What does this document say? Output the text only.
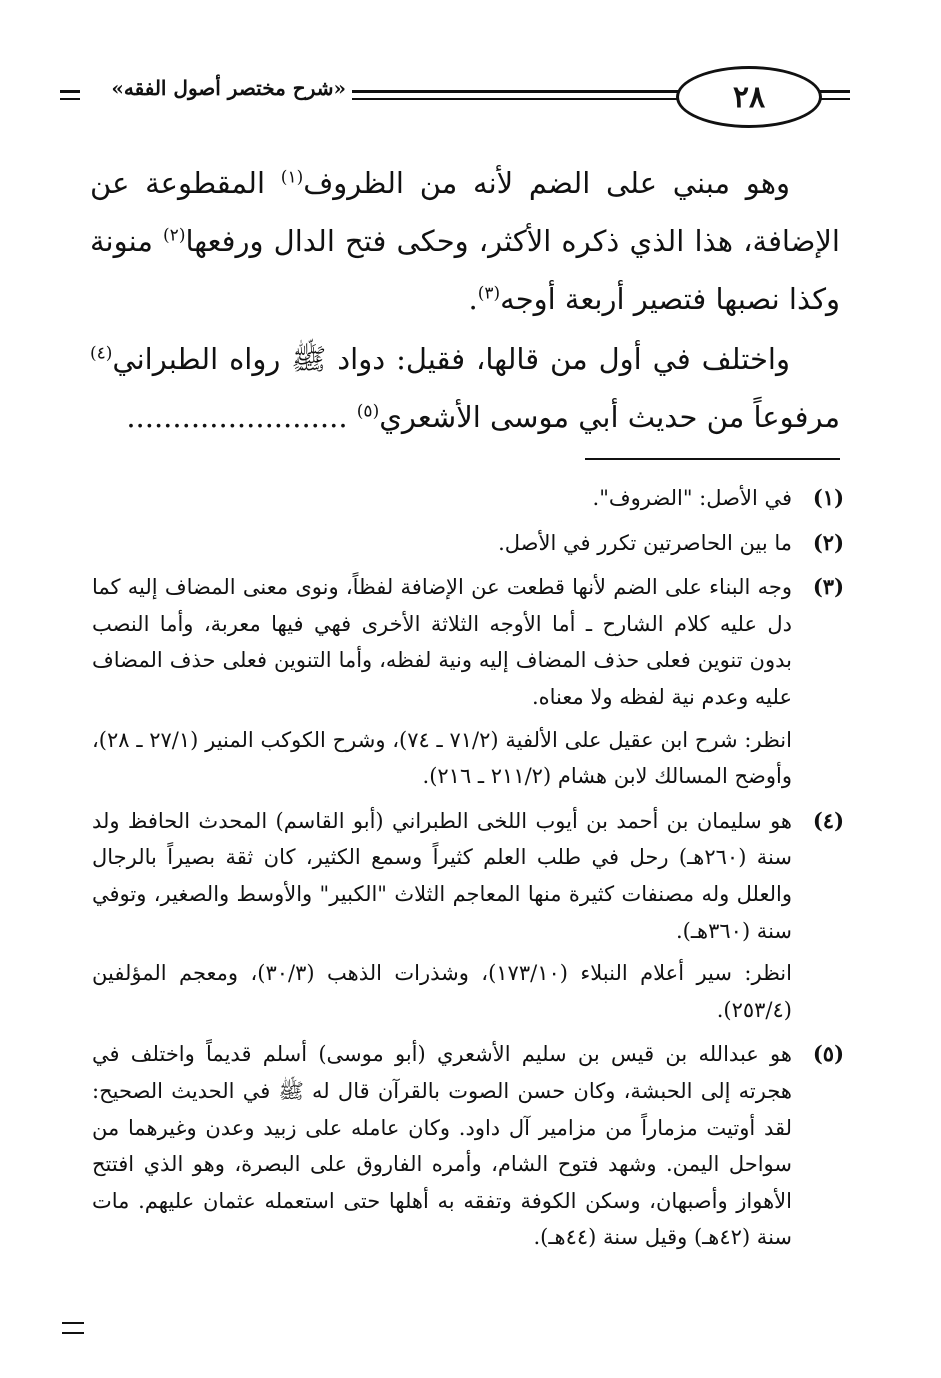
«شرح مختصر أصول الفقه»	٢٨

وهو مبني على الضم لأنه من الظروف$^{(١)}$ المقطوعة عن الإضافة، هذا الذي ذكره الأكثر، وحكى فتح الدال ورفعها$^{(٢)}$ منونة وكذا نصبها فتصير أربعة أوجه$^{(٣)}$.

واختلف في أول من قالها، فقيل: دواد ﷺ رواه الطبراني$^{(٤)}$ مرفوعاً من حديث أبي موسى الأشعري$^{(٥)}$ ........................

(١)

في الأصل: "الضروف".

(٢)

ما بين الحاصرتين تكرر في الأصل.

(٣)

وجه البناء على الضم لأنها قطعت عن الإضافة لفظاً، ونوى معنى المضاف إليه كما دل عليه كلام الشارح ـ أما الأوجه الثلاثة الأخرى فهي فيها معربة، وأما النصب بدون تنوين فعلى حذف المضاف إليه ونية لفظه، وأما التنوين فعلى حذف المضاف عليه وعدم نية لفظه ولا معناه.

انظر: شرح ابن عقيل على الألفية (٧١/٢ ـ ٧٤)، وشرح الكوكب المنير (٢٧/١ ـ ٢٨)، وأوضح المسالك لابن هشام (٢١١/٢ ـ ٢١٦).

(٤)

هو سليمان بن أحمد بن أيوب اللخى الطبراني (أبو القاسم) المحدث الحافظ ولد سنة (٢٦٠هـ) رحل في طلب العلم كثيراً وسمع الكثير، كان ثقة بصيراً بالرجال والعلل وله مصنفات كثيرة منها المعاجم الثلاث "الكبير" والأوسط والصغير، وتوفي سنة (٣٦٠هـ).

انظر: سير أعلام النبلاء (١٧٣/١٠)، وشذرات الذهب (٣٠/٣)، ومعجم المؤلفين (٢٥٣/٤).

(٥)

هو عبدالله بن قيس بن سليم الأشعري (أبو موسى) أسلم قديماً واختلف في هجرته إلى الحبشة، وكان حسن الصوت بالقرآن قال له ﷺ في الحديث الصحيح: لقد أوتيت مزماراً من مزامير آل داود. وكان عامله على زبيد وعدن وغيرهما من سواحل اليمن. وشهد فتوح الشام، وأمره الفاروق على البصرة، وهو الذي افتتح الأهواز وأصبهان، وسكن الكوفة وتفقه به أهلها حتى استعمله عثمان عليهم. مات سنة (٤٢هـ) وقيل سنة (٤٤هـ).
